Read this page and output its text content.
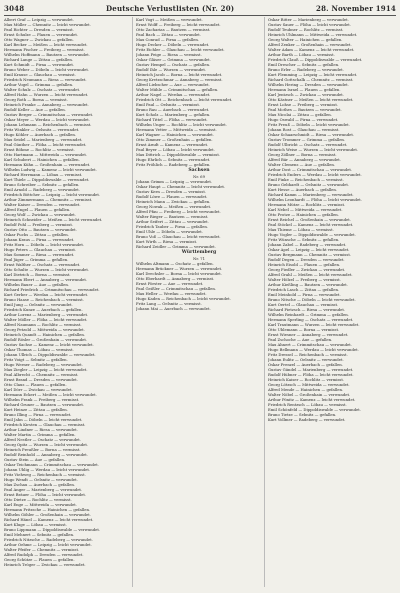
3048	Deutsche Verlustlisten (Nr. 20)	28. November 1914
Albert Graf — Leipzig — verwundet.
Max Müller — Chemnitz — leicht verwundet.
Paul Richter — Dresden — vermisst.
Ernst Schulze — Plauen — verwundet.
Otto Wagner — Zwickau — gefallen.
Karl Becker — Meißen — leicht verwundet.
Hermann Fischer — Freiberg — vermisst.
Wilhelm Hoffmann — Bautzen — verwundet.
Richard Lange — Zittau — gefallen.
Kurt Schmidt — Pirna — verwundet.
Bruno Weber — Döbeln — leicht verwundet.
Emil Krause — Glauchau — vermisst.
Friedrich Neumann — Riesa — verwundet.
Arthur Vogel — Grimma — gefallen.
Walter Schulz — Oschatz — verwundet.
Alfred Hahn — Wurzen — leicht verwundet.
Georg Roth — Borna — vermisst.
Heinrich Franke — Annaberg — verwundet.
Rudolf Keller — Aue — gefallen.
Gustav Berger — Crimmitschau — verwundet.
Oskar Meyer — Werdau — leicht verwundet.
Johann Lehmann — Reichenbach — vermisst.
Fritz Winkler — Oelsnitz — verwundet.
Hugo Köhler — Auerbach — gefallen.
Max Seidel — Marienberg — verwundet.
Paul Günther — Flöha — leicht verwundet.
Ernst Böhme — Rochlitz — vermisst.
Otto Hartmann — Mittweida — verwundet.
Karl Schubert — Hainichen — gefallen.
Hermann Kühn — Großenhain — verwundet.
Wilhelm Ludwig — Kamenz — leicht verwundet.
Richard Herrmann — Löbau — vermisst.
Kurt Thiele — Dippoldiswalde — verwundet.
Bruno Schreiber — Sebnitz — gefallen.
Emil Arnold — Radeberg — verwundet.
Friedrich Böttcher — Leipzig — leicht verwundet.
Arthur Zimmermann — Chemnitz — vermisst.
Walter Kaiser — Dresden — verwundet.
Alfred Engel — Plauen — gefallen.
Georg Wolf — Zwickau — verwundet.
Heinrich Schneider — Meißen — leicht verwundet.
Rudolf Pohl — Freiberg — vermisst.
Gustav Otto — Bautzen — verwundet.
Oskar Fuchs — Zittau — gefallen.
Johann Kraus — Pirna — verwundet.
Fritz Horn — Döbeln — leicht verwundet.
Hugo Peters — Glauchau — vermisst.
Max Sommer — Riesa — verwundet.
Paul Jäger — Grimma — gefallen.
Ernst Walther — Oschatz — verwundet.
Otto Schulte — Wurzen — leicht verwundet.
Karl Dietrich — Borna — vermisst.
Hermann Ebert — Annaberg — verwundet.
Wilhelm Bauer — Aue — gefallen.
Richard Friedrich — Crimmitschau — verwundet.
Kurt Gerber — Werdau — leicht verwundet.
Bruno Haase — Reichenbach — vermisst.
Emil Jung — Oelsnitz — verwundet.
Friedrich Kunze — Auerbach — gefallen.
Arthur Lorenz — Marienberg — verwundet.
Walter Möller — Flöha — leicht verwundet.
Alfred Naumann — Rochlitz — vermisst.
Georg Petzold — Mittweida — verwundet.
Heinrich Quandt — Hainichen — gefallen.
Rudolf Rösler — Großenhain — verwundet.
Gustav Sachse — Kamenz — leicht verwundet.
Oskar Thomas — Löbau — vermisst.
Johann Ullrich — Dippoldiswalde — verwundet.
Fritz Voigt — Sebnitz — gefallen.
Hugo Werner — Radeberg — verwundet.
Max Ziegler — Leipzig — leicht verwundet.
Paul Albrecht — Chemnitz — vermisst.
Ernst Brand — Dresden — verwundet.
Otto Claus — Plauen — gefallen.
Karl Dörr — Zwickau — verwundet.
Hermann Eckert — Meißen — leicht verwundet.
Wilhelm Frank — Freiberg — vermisst.
Richard Gruner — Bautzen — verwundet.
Kurt Heinze — Zittau — gefallen.
Bruno Illing — Pirna — verwundet.
Emil Jahn — Döbeln — leicht verwundet.
Friedrich Kirsten — Glauchau — vermisst.
Arthur Lindner — Riesa — verwundet.
Walter Martin — Grimma — gefallen.
Alfred Nestler — Oschatz — verwundet.
Georg Opitz — Wurzen — leicht verwundet.
Heinrich Preußler — Borna — vermisst.
Rudolf Reinhold — Annaberg — verwundet.
Gustav Stein — Aue — gefallen.
Oskar Teichmann — Crimmitschau — verwundet.
Johann Uhlig — Werdau — leicht verwundet.
Fritz Viehweg — Reichenbach — vermisst.
Hugo Wendt — Oelsnitz — verwundet.
Max Zschau — Auerbach — gefallen.
Paul Anger — Marienberg — verwundet.
Ernst Bräuer — Flöha — leicht verwundet.
Otto Dietze — Rochlitz — vermisst.
Karl Enge — Mittweida — verwundet.
Hermann Fritzsche — Hainichen — gefallen.
Wilhelm Göhler — Großenhain — verwundet.
Richard Hänel — Kamenz — leicht verwundet.
Kurt Kluge — Löbau — vermisst.
Bruno Lippmann — Dippoldiswalde — verwundet.
Emil Mehnert — Sebnitz — gefallen.
Friedrich Nitzsche — Radeberg — verwundet.
Arthur Oehme — Leipzig — leicht verwundet.
Walter Pfeifer — Chemnitz — vermisst.
Alfred Rudolph — Dresden — verwundet.
Georg Schütze — Plauen — gefallen.
Heinrich Tröger — Zwickau — verwundet.
Karl Vogt — Meißen — verwundet.
Ernst Wolff — Freiberg — leicht verwundet.
Otto Zacharias — Bautzen — vermisst.
Paul Bach — Zittau — verwundet.
Max Conrad — Pirna — gefallen.
Hugo Decker — Döbeln — verwundet.
Fritz Eichler — Glauchau — leicht verwundet.
Johann Feige — Riesa — vermisst.
Oskar Gläser — Grimma — verwundet.
Gustav Hempel — Oschatz — gefallen.
Rudolf Ihle — Wurzen — verwundet.
Heinrich Jacob — Borna — leicht verwundet.
Georg Kretzschmar — Annaberg — vermisst.
Alfred Liebscher — Aue — verwundet.
Walter Mühle — Crimmitschau — gefallen.
Arthur Nagel — Werdau — verwundet.
Friedrich Ott — Reichenbach — leicht verwundet.
Emil Paul — Oelsnitz — vermisst.
Bruno Rau — Auerbach — verwundet.
Kurt Scholz — Marienberg — gefallen.
Richard Tittel — Flöha — verwundet.
Wilhelm Unger — Rochlitz — leicht verwundet.
Hermann Vetter — Mittweida — vermisst.
Karl Wagner — Hainichen — verwundet.
Otto Zimmer — Großenhain — gefallen.
Ernst Arndt — Kamenz — verwundet.
Paul Beyer — Löbau — leicht verwundet.
Max Dittrich — Dippoldiswalde — vermisst.
Hugo Ehrlich — Sebnitz — verwundet.
Fritz Fröhlich — Radeberg — gefallen.
Sachsen
Nr. 69
Johann Grimm — Leipzig — verwundet.
Oskar Haupt — Chemnitz — leicht verwundet.
Gustav Kern — Dresden — vermisst.
Rudolf Löwe — Plauen — verwundet.
Heinrich Mann — Zwickau — gefallen.
Georg Nowak — Meißen — verwundet.
Alfred Pfau — Freiberg — leicht verwundet.
Walter Rieger — Bautzen — vermisst.
Arthur Seifert — Zittau — verwundet.
Friedrich Tauber — Pirna — gefallen.
Emil Uhle — Döbeln — verwundet.
Bruno Voß — Glauchau — leicht verwundet.
Kurt Wirth — Riesa — vermisst.
Richard Zeidler — Grimma — verwundet.
Württemberg
Nr. 71
Wilhelm Altmann — Oschatz — gefallen.
Hermann Brückner — Wurzen — verwundet.
Karl Drechsler — Borna — leicht verwundet.
Otto Eberhardt — Annaberg — vermisst.
Ernst Förster — Aue — verwundet.
Paul Geißler — Crimmitschau — gefallen.
Max Heller — Werdau — verwundet.
Hugo Kaden — Reichenbach — leicht verwundet.
Fritz Lang — Oelsnitz — vermisst.
Johann Mai — Auerbach — verwundet.
Oskar Ritter — Marienberg — verwundet.
Gustav Sauer — Flöha — leicht verwundet.
Rudolf Teubner — Rochlitz — vermisst.
Heinrich Uhlmann — Mittweida — verwundet.
Georg Walter — Hainichen — gefallen.
Alfred Zenker — Großenhain — verwundet.
Walter Adam — Kamenz — leicht verwundet.
Arthur Barth — Löbau — vermisst.
Friedrich Clauß — Dippoldiswalde — verwundet.
Emil Drescher — Sebnitz — gefallen.
Bruno Erler — Radeberg — verwundet.
Kurt Flemming — Leipzig — leicht verwundet.
Richard Gottschalk — Chemnitz — vermisst.
Wilhelm Hering — Dresden — verwundet.
Hermann Israel — Plauen — gefallen.
Karl Jentzsch — Zwickau — verwundet.
Otto Kästner — Meißen — leicht verwundet.
Ernst Lohse — Freiberg — vermisst.
Paul Mothes — Bautzen — verwundet.
Max Nicolai — Zittau — gefallen.
Hugo Oswald — Pirna — verwundet.
Fritz Preuß — Döbeln — leicht verwundet.
Johann Rost — Glauchau — vermisst.
Oskar Schaarschmidt — Riesa — verwundet.
Gustav Trommer — Grimma — gefallen.
Rudolf Ulbricht — Oschatz — verwundet.
Heinrich Weise — Wurzen — leicht verwundet.
Georg Zöllner — Borna — vermisst.
Alfred Bär — Annaberg — verwundet.
Walter Clemens — Aue — gefallen.
Arthur Dost — Crimmitschau — verwundet.
Friedrich Enders — Werdau — leicht verwundet.
Emil Finke — Reichenbach — vermisst.
Bruno Gebhardt — Oelsnitz — verwundet.
Kurt Hesse — Auerbach — gefallen.
Richard Kamm — Marienberg — verwundet.
Wilhelm Leonhardt — Flöha — leicht verwundet.
Hermann Mütze — Rochlitz — vermisst.
Karl Nebel — Mittweida — verwundet.
Otto Protze — Hainichen — gefallen.
Ernst Reichel — Großenhain — verwundet.
Paul Stöckel — Kamenz — leicht verwundet.
Max Thieme — Löbau — vermisst.
Hugo Vogler — Dippoldiswalde — verwundet.
Fritz Wünsche — Sebnitz — gefallen.
Johann Zabel — Radeberg — verwundet.
Oskar Apel — Leipzig — leicht verwundet.
Gustav Bergmann — Chemnitz — vermisst.
Rudolf Degen — Dresden — verwundet.
Heinrich Eisold — Plauen — gefallen.
Georg Fiedler — Zwickau — verwundet.
Alfred Grahl — Meißen — leicht verwundet.
Walter Hölzel — Freiberg — vermisst.
Arthur Kießling — Bautzen — verwundet.
Friedrich Lasch — Zittau — gefallen.
Emil Meinhold — Pirna — verwundet.
Bruno Nitsche — Döbeln — leicht verwundet.
Kurt Oertel — Glauchau — vermisst.
Richard Pietzsch — Riesa — verwundet.
Wilhelm Reinhardt — Grimma — gefallen.
Hermann Sperling — Oschatz — verwundet.
Karl Trautmann — Wurzen — leicht verwundet.
Otto Uhlemann — Borna — vermisst.
Ernst Wiesner — Annaberg — verwundet.
Paul Zschoche — Aue — gefallen.
Max Ahnert — Crimmitschau — verwundet.
Hugo Bellmann — Werdau — leicht verwundet.
Fritz Dressel — Reichenbach — vermisst.
Johann Eulitz — Oelsnitz — verwundet.
Oskar Frenzel — Auerbach — gefallen.
Gustav Gündel — Marienberg — verwundet.
Rudolf Hübner — Flöha — leicht verwundet.
Heinrich Kaiser — Rochlitz — vermisst.
Georg Lötzsch — Mittweida — verwundet.
Alfred Mende — Hainichen — gefallen.
Walter Nöbel — Großenhain — verwundet.
Arthur Pönitz — Kamenz — leicht verwundet.
Friedrich Rentzsch — Löbau — vermisst.
Emil Schönfeld — Dippoldiswalde — verwundet.
Bruno Tietze — Sebnitz — gefallen.
Kurt Vollmer — Radeberg — verwundet.
